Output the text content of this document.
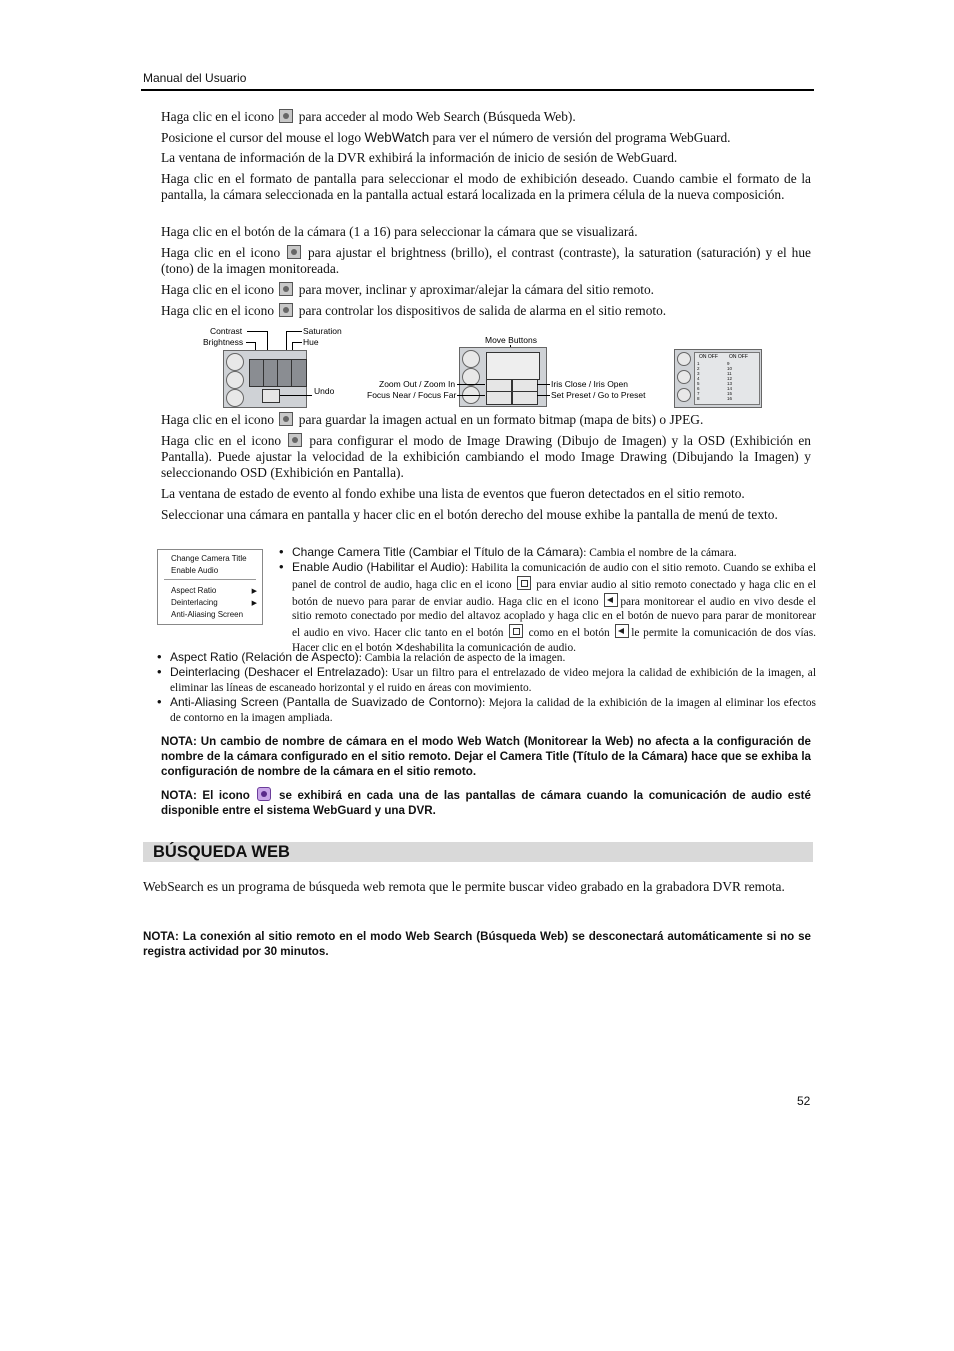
Manual del Usuario
Haga clic en el icono para acceder al modo Web Search (Búsqueda Web).
Posicione el cursor del mouse el logo WebWatch para ver el número de versión del programa WebGuard.
La ventana de información de la DVR exhibirá la información de inicio de sesión de WebGuard.
Haga clic en el formato de pantalla para seleccionar el modo de exhibición deseado. Cuando cambie el formato de la pantalla, la cámara seleccionada en la pantalla actual estará localizada en la primera célula de la nueva composición.
Haga clic en el botón de la cámara (1 a 16) para seleccionar la cámara que se visualizará.
Haga clic en el icono para ajustar el brightness (brillo), el contrast (contraste), la saturation (saturación) y el hue (tono) de la imagen monitoreada.
Haga clic en el icono para mover, inclinar y aproximar/alejar la cámara del sitio remoto.
Haga clic en el icono para controlar los dispositivos de salida de alarma en el sitio remoto.
Contrast
Brightness
Saturation
Hue
Undo
Move Buttons
Zoom Out / Zoom In
Focus Near / Focus Far
Iris Close / Iris Open
Set Preset / Go to Preset
ON OFF ON OFF
1
2
3
4
5
6
7
8
9
10
11
12
13
14
15
16
Haga clic en el icono para guardar la imagen actual en un formato bitmap (mapa de bits) o JPEG.
Haga clic en el icono para configurar el modo de Image Drawing (Dibujo de Imagen) y la OSD (Exhibición en Pantalla). Puede ajustar la velocidad de la exhibición cambiando el modo Image Drawing (Dibujando la Imagen) y seleccionando OSD (Exhibición en Pantalla).
La ventana de estado de evento al fondo exhibe una lista de eventos que fueron detectados en el sitio remoto.
Seleccionar una cámara en pantalla y hacer clic en el botón derecho del mouse exhibe la pantalla de menú de texto.
Change Camera Title
Enable Audio
Aspect Ratio	▶
Deinterlacing	▶
Anti-Aliasing Screen
• Change Camera Title (Cambiar el Título de la Cámara): Cambia el nombre de la cámara.
• Enable Audio (Habilitar el Audio): Habilita la comunicación de audio con el sitio remoto. Cuando se exhiba el panel de control de audio, haga clic en el icono para enviar audio al sitio remoto conectado y haga clic en el botón de nuevo para parar de enviar audio. Haga clic en el icono para monitorear el audio en vivo desde el sitio remoto conectado por medio del altavoz acoplado y haga clic en el botón de nuevo para parar de monitorear el audio en vivo. Hacer clic tanto en el botón como en el botón le permite la comunicación de dos vías. Hacer clic en el botón ✕deshabilita la comunicación de audio.
• Aspect Ratio (Relación de Aspecto): Cambia la relación de aspecto de la imagen.
• Deinterlacing (Deshacer el Entrelazado): Usar un filtro para el entrelazado de video mejora la calidad de exhibición de la imagen, al eliminar las líneas de escaneado horizontal y el ruido en áreas con movimiento.
• Anti-Aliasing Screen (Pantalla de Suavizado de Contorno): Mejora la calidad de la exhibición de la imagen al eliminar los efectos de contorno en la imagen ampliada.
NOTA: Un cambio de nombre de cámara en el modo Web Watch (Monitorear la Web) no afecta a la configuración de nombre de la cámara configurado en el sitio remoto. Dejar el Camera Title (Título de la Cámara) hace que se exhiba la configuración de nombre de la cámara en el sitio remoto.
NOTA: El icono	se exhibirá en cada una de las pantallas de cámara cuando la comunicación de audio esté disponible entre el sistema WebGuard y una DVR.
BÚSQUEDA WEB
WebSearch es un programa de búsqueda web remota que le permite buscar video grabado en la grabadora DVR remota.
NOTA: La conexión al sitio remoto en el modo Web Search (Búsqueda Web) se desconectará automáticamente si no se registra actividad por 30 minutos.
52
